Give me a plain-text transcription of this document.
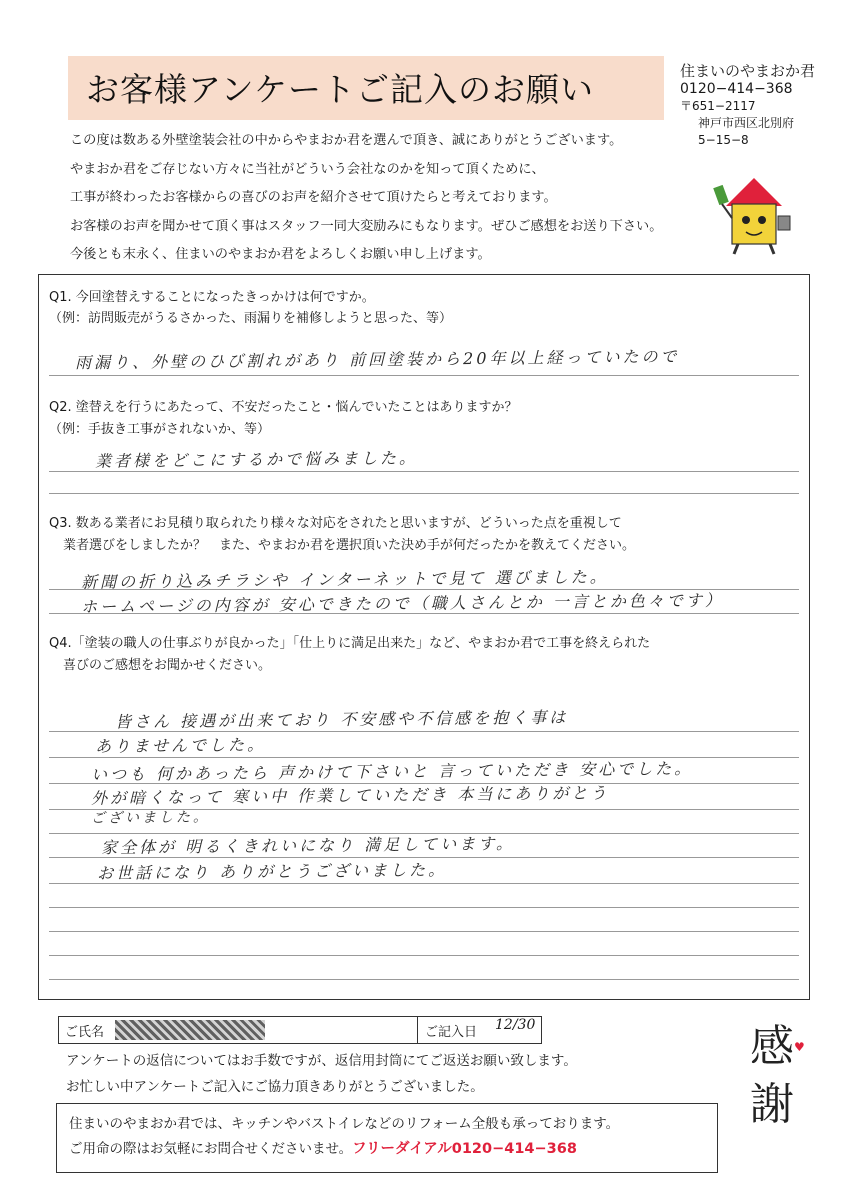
お客様アンケートご記入のお願い	住まいのやまおか君
0120−414−368
〒651−2117
神戸市西区北別府
5−15−8
この度は数ある外壁塗装会社の中からやまおか君を選んで頂き、誠にありがとうございます。
やまおか君をご存じない方々に当社がどういう会社なのかを知って頂くために、
工事が終わったお客様からの喜びのお声を紹介させて頂けたらと考えております。
お客様のお声を聞かせて頂く事はスタッフ一同大変励みにもなります。ぜひご感想をお送り下さい。
今後とも末永く、住まいのやまおか君をよろしくお願い申し上げます。
Q1. 今回塗替えすることになったきっかけは何ですか。
（例：訪問販売がうるさかった、雨漏りを補修しようと思った、等）
雨漏り、外壁のひび割れがあり 前回塗装から20年以上経っていたので
Q2. 塗替えを行うにあたって、不安だったこと・悩んでいたことはありますか？
（例：手抜き工事がされないか、等）
業者様をどこにするかで悩みました。
Q3. 数ある業者にお見積り取られたり様々な対応をされたと思いますが、どういった点を重視して
業者選びをしましたか？　また、やまおか君を選択頂いた決め手が何だったかを教えてください。
新聞の折り込みチラシや インターネットで見て 選びました。
ホームページの内容が 安心できたので（職人さんとか 一言とか色々です）
Q4.「塗装の職人の仕事ぶりが良かった」「仕上りに満足出来た」など、やまおか君で工事を終えられた
喜びのご感想をお聞かせください。
皆さん 接遇が出来ており 不安感や不信感を抱く事は
ありませんでした。
いつも 何かあったら 声かけて下さいと 言っていただき 安心でした。
外が暗くなって 寒い中 作業していただき 本当にありがとう
ございました。
家全体が 明るくきれいになり 満足しています。
お世話になり ありがとうございました。
ご氏名	ご記入日 12/30
アンケートの返信についてはお手数ですが、返信用封筒にてご返送お願い致します。
お忙しい中アンケートご記入にご協力頂きありがとうございました。
♥
感
謝
住まいのやまおか君では、キッチンやバストイレなどのリフォーム全般も承っております。
ご用命の際はお気軽にお問合せくださいませ。フリーダイアル0120−414−368
